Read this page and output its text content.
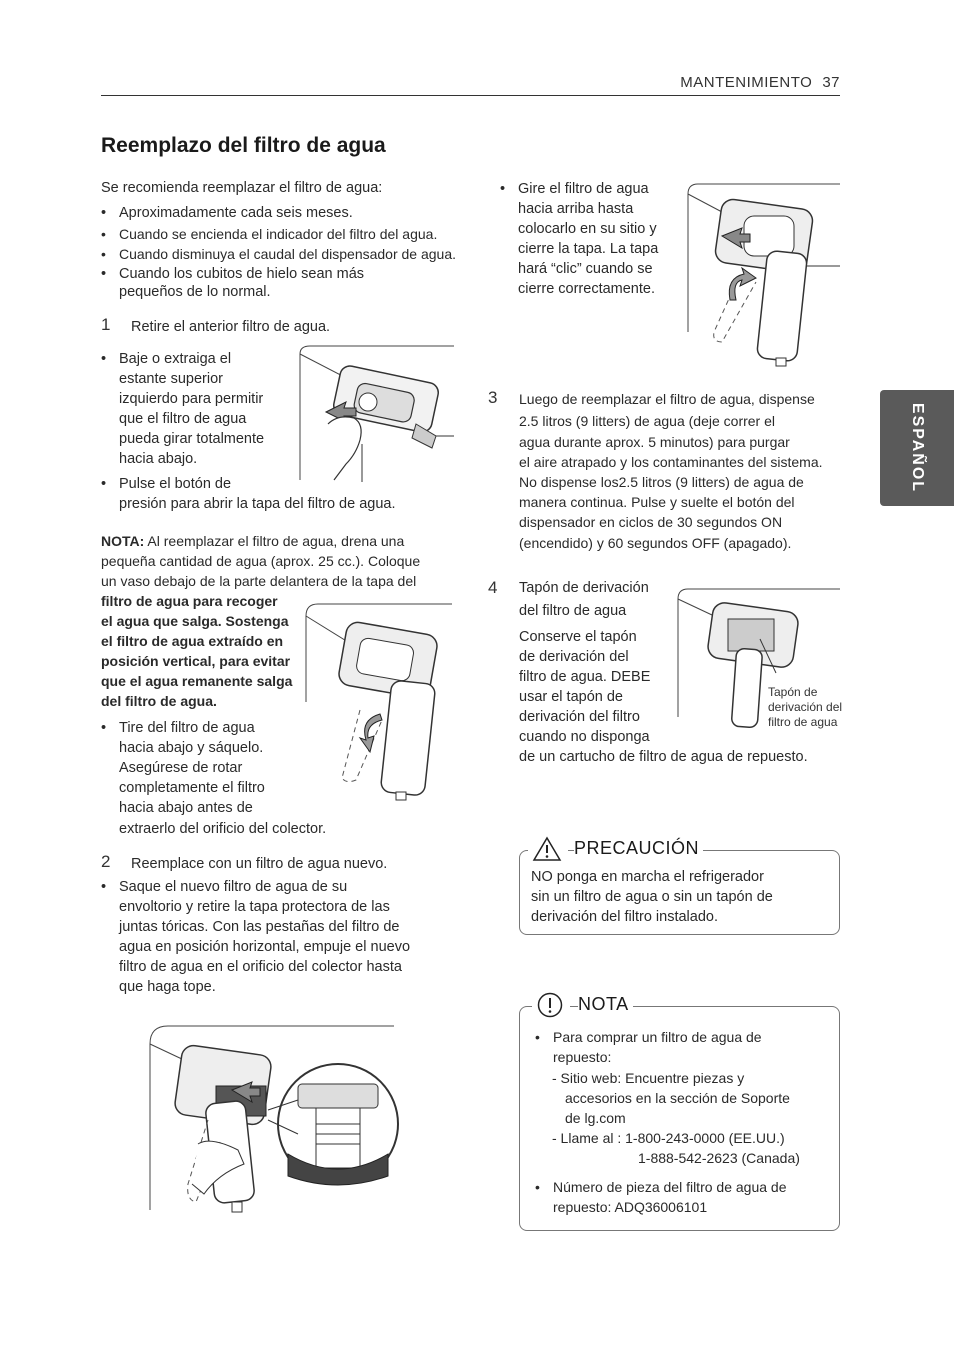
MANTENIMIENTO 37
ESPAÑOL
Reemplazo del filtro de agua
Se recomienda reemplazar el filtro de agua:
• Aproximadamente cada seis meses.
• Cuando se encienda el indicador del filtro del agua.
• Cuando disminuya el caudal del dispensador de agua.
• Cuando los cubitos de hielo sean más
pequeños de lo normal.
1 Retire el anterior filtro de agua.
• Baje o extraiga el
estante superior
izquierdo para permitir
que el filtro de agua
pueda girar totalmente
hacia abajo.
• Pulse el botón de
presión para abrir la tapa del filtro de agua.
NOTA: Al reemplazar el filtro de agua, drena una
pequeña cantidad de agua (aprox. 25 cc.). Coloque
un vaso debajo de la parte delantera de la tapa del
filtro de agua para recoger
el agua que salga. Sostenga
el filtro de agua extraído en
posición vertical, para evitar
que el agua remanente salga
del filtro de agua.
• Tire del filtro de agua
hacia abajo y sáquelo.
Asegúrese de rotar
completamente el filtro
hacia abajo antes de
extraerlo del orificio del colector.
2 Reemplace con un filtro de agua nuevo.
• Saque el nuevo filtro de agua de su
envoltorio y retire la tapa protectora de las
juntas tóricas. Con las pestañas del filtro de
agua en posición horizontal, empuje el nuevo
filtro de agua en el orificio del colector hasta
que haga tope.
• Gire el filtro de agua
hacia arriba hasta
colocarlo en su sitio y
cierre la tapa. La tapa
hará “clic” cuando se
cierre correctamente.
3 Luego de reemplazar el filtro de agua, dispense
2.5 litros (9 litters) de agua (deje correr el
agua durante aprox. 5 minutos) para purgar
el aire atrapado y los contaminantes del sistema.
No dispense los2.5 litros (9 litters) de agua de
manera continua. Pulse y suelte el botón del
dispensador en ciclos de 30 segundos ON
(encendido) y 60 segundos OFF (apagado).
4 Tapón de derivación
del filtro de agua
Conserve el tapón
de derivación del
filtro de agua. DEBE
usar el tapón de
derivación del filtro
cuando no disponga
de un cartucho de filtro de agua de repuesto.
Tapón de
derivación del
filtro de agua
PRECAUCIÓN
NO ponga en marcha el refrigerador
sin un filtro de agua o sin un tapón de
derivación del filtro instalado.
NOTA
• Para comprar un filtro de agua de
repuesto:
- Sitio web: Encuentre piezas y
accesorios en la sección de Soporte
de lg.com
- Llame al : 1-800-243-0000 (EE.UU.)
1-888-542-2623 (Canada)
• Número de pieza del filtro de agua de
repuesto: ADQ36006101
